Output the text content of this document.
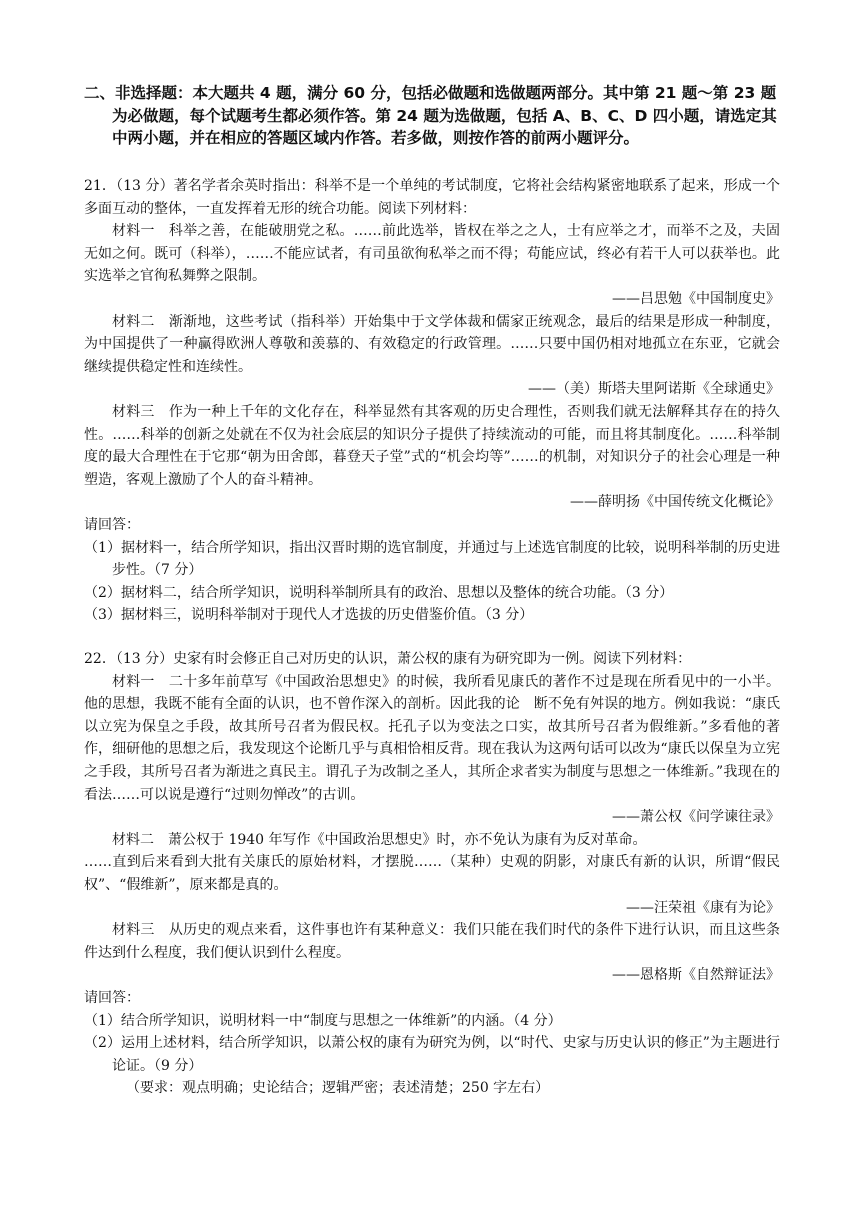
二、非选择题：本大题共 4 题，满分 60 分，包括必做题和选做题两部分。其中第 21 题～第 23 题为必做题，每个试题考生都必须作答。第 24 题为选做题，包括 A、B、C、D 四小题，请选定其中两小题，并在相应的答题区域内作答。若多做，则按作答的前两小题评分。

21．（13 分）著名学者余英时指出：科举不是一个单纯的考试制度，它将社会结构紧密地联系了起来，形成一个多面互动的整体，一直发挥着无形的统合功能。阅读下列材料：

材料一　科举之善，在能破朋党之私。……前此选举，皆权在举之之人，士有应举之才，而举不之及，夫固无如之何。既可（科举），……不能应试者，有司虽欲徇私举之而不得；苟能应试，终必有若干人可以获举也。此实选举之官徇私舞弊之限制。

——吕思勉《中国制度史》

材料二　渐渐地，这些考试（指科举）开始集中于文学体裁和儒家正统观念，最后的结果是形成一种制度，为中国提供了一种赢得欧洲人尊敬和羡慕的、有效稳定的行政管理。……只要中国仍相对地孤立在东亚，它就会继续提供稳定性和连续性。

——（美）斯塔夫里阿诺斯《全球通史》

材料三　作为一种上千年的文化存在，科举显然有其客观的历史合理性，否则我们就无法解释其存在的持久性。……科举的创新之处就在不仅为社会底层的知识分子提供了持续流动的可能，而且将其制度化。……科举制度的最大合理性在于它那“朝为田舍郎，暮登天子堂”式的“机会均等”……的机制，对知识分子的社会心理是一种塑造，客观上激励了个人的奋斗精神。

——薛明扬《中国传统文化概论》

请回答：

（1）据材料一，结合所学知识，指出汉晋时期的选官制度，并通过与上述选官制度的比较，说明科举制的历史进步性。（7 分）

（2）据材料二，结合所学知识，说明科举制所具有的政治、思想以及整体的统合功能。（3 分）

（3）据材料三，说明科举制对于现代人才选拔的历史借鉴价值。（3 分）

22．（13 分）史家有时会修正自己对历史的认识，萧公权的康有为研究即为一例。阅读下列材料：

材料一　二十多年前草写《中国政治思想史》的时候，我所看见康氏的著作不过是现在所看见中的一小半。他的思想，我既不能有全面的认识，也不曾作深入的剖析。因此我的论　断不免有舛误的地方。例如我说：“康氏以立宪为保皇之手段，故其所号召者为假民权。托孔子以为变法之口实，故其所号召者为假维新。”多看他的著作，细研他的思想之后，我发现这个论断几乎与真相恰相反背。现在我认为这两句话可以改为“康氏以保皇为立宪之手段，其所号召者为渐进之真民主。谓孔子为改制之圣人，其所企求者实为制度与思想之一体维新。”我现在的看法……可以说是遵行“过则勿惮改”的古训。

——萧公权《问学谏往录》

材料二　萧公权于 1940 年写作《中国政治思想史》时，亦不免认为康有为反对革命。

……直到后来看到大批有关康氏的原始材料，才摆脱……（某种）史观的阴影，对康氏有新的认识，所谓“假民权”、“假维新”，原来都是真的。

——汪荣祖《康有为论》

材料三　从历史的观点来看，这件事也许有某种意义：我们只能在我们时代的条件下进行认识，而且这些条件达到什么程度，我们便认识到什么程度。

——恩格斯《自然辩证法》

请回答：

（1）结合所学知识，说明材料一中“制度与思想之一体维新”的内涵。（4 分）

（2）运用上述材料，结合所学知识，以萧公权的康有为研究为例，以“时代、史家与历史认识的修正”为主题进行论证。（9 分）

（要求：观点明确；史论结合；逻辑严密；表述清楚；250 字左右）
